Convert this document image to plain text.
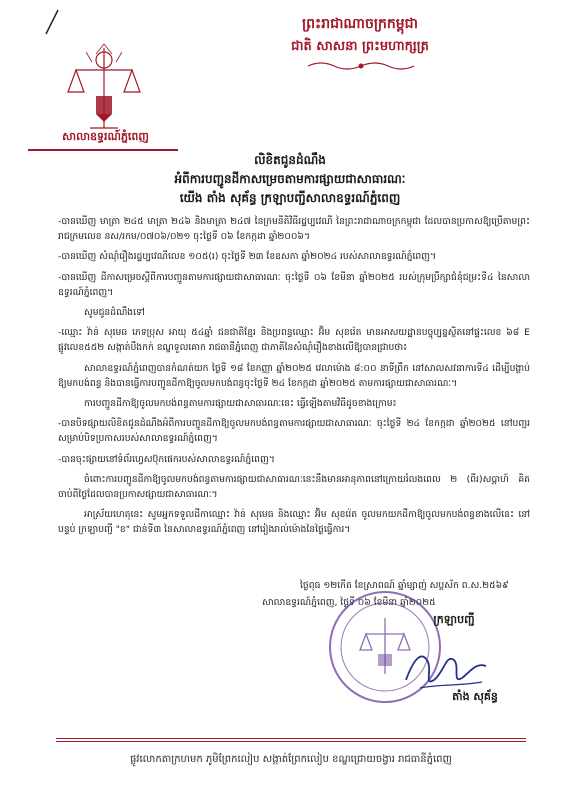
ព្រះរាជាណាចក្រកម្ពុជា
ជាតិ សាសនា ព្រះមហាក្សត្រ
សាលាឧទ្ធរណ៍ភ្នំពេញ
លិខិតជូនដំណឹង
អំពីការបញ្ជូនដីកាសម្រេចតាមការផ្សាយជាសាធារណៈ
យើង តាំង សុគ័ន្ធ ក្រឡាបញ្ជីសាលាឧទ្ធរណ៍ភ្នំពេញ

-បានឃើញ មាត្រា ២៤៥ មាត្រា ២៤៦ និងមាត្រា ២៤៧ នៃក្រមនីតិវិធីរដ្ឋប្បវេណី នៃព្រះរាជាណាចក្រកម្ពុជា ដែលបានប្រកាសឱ្យប្រើតាមព្រះរាជក្រមលេខ នស/រកម/០៧០៦/០២១ ចុះថ្ងៃទី ០៦ ខែកក្កដា ឆ្នាំ២០០៦។

-បានឃើញ សំណុំរឿងរដ្ឋប្បវេណីលេខ ១០៥(រ) ចុះថ្ងៃទី ២៣ ខែឧសភា ឆ្នាំ២០២៤ របស់សាលាឧទ្ធរណ៍ភ្នំពេញ។

-បានឃើញ ដីកាសម្រេចស្តីពីការបញ្ជូនតាមការផ្សាយជាសាធារណៈ ចុះថ្ងៃទី ០៦ ខែមីនា ឆ្នាំ២០២៥ របស់ក្រុមប្រឹក្សាជំនុំជម្រះទី៤ នៃសាលាឧទ្ធរណ៍ភ្នំពេញ។

សូមជូនដំណឹងទៅ

-ឈ្មោះ វ៉ាន់ សុមេធ ភេទប្រុស អាយុ ៥៤ឆ្នាំ ជនជាតិខ្មែរ និងប្រពន្ធឈ្មោះ អ៊ិម សុខរ៉េត មានអាសយដ្ឋានបច្ចុប្បន្នស្ថិតនៅផ្ទះលេខ ៦៨ E ផ្លូវលេខ៥៥២ សង្កាត់បឹងកក់ ខណ្ឌទួលគោក រាជធានីភ្នំពេញ ជាភាគីនៃសំណុំរឿងខាងលើឱ្យបានជ្រាបថា៖

សាលាឧទ្ធរណ៍ភ្នំពេញបានកំណត់យក ថ្ងៃទី ១៨ ខែកញ្ញា ឆ្នាំ២០២៥ វេលាម៉ោង ៨:០០ នាទីព្រឹក នៅសាលសវនាការទី៤ ដើម្បីបង្គាប់ឱ្យមកបង់ពន្ធ និងបានធ្វើការបញ្ជូនដីកាឱ្យចូលមកបង់ពន្ធចុះថ្ងៃទី ២៤ ខែកក្កដា ឆ្នាំ២០២៥ តាមការផ្សាយជាសាធារណៈ។

ការបញ្ជូនដីកាឱ្យចូលមកបង់ពន្ធតាមការផ្សាយជាសាធារណៈនេះ ធ្វើឡើងតាមវិធីដូចខាងក្រោម៖

-បានបិទផ្សាយលិខិតជូនដំណឹងអំពីការបញ្ជូនដីកាឱ្យចូលមកបង់ពន្ធតាមការផ្សាយជាសាធារណៈ ចុះថ្ងៃទី ២៤ ខែកក្កដា ឆ្នាំ២០២៥ នៅបញ្ជរសម្រាប់បិទប្រកាសរបស់សាលាឧទ្ធរណ៍ភ្នំពេញ។

-បានចុះផ្សាយនៅទំព័រហ្វេសប៊ុកផេករបស់សាលាឧទ្ធរណ៍ភ្នំពេញ។

ចំពោះការបញ្ជូនដីកាឱ្យចូលមកបង់ពន្ធតាមការផ្សាយជាសាធារណៈនេះនឹងមានអានុភាពនៅក្រោយរំលងពេល ២ (ពីរ)សប្តាហ៍ គិតចាប់ពីថ្ងៃដែលបានប្រកាសផ្សាយជាសាធារណៈ។

អាស្រ័យហេតុនេះ សូមអ្នកទទួលដីកាឈ្មោះ វ៉ាន់ សុមេធ និងឈ្មោះ អ៊ិម សុខរ៉េត ចូលមកយកដីកាឱ្យចូលមកបង់ពន្ធខាងលើនេះ នៅបន្ទប់ ក្រឡាបញ្ជី "ខ" ជាន់ទី៣ នៃសាលាឧទ្ធរណ៍ភ្នំពេញ នៅរៀងរាល់ម៉ោងនៃថ្ងៃធ្វើការ។

ថ្ងៃពុធ ១២កើត ខែស្រាពណ៍ ឆ្នាំម្សាញ់ សប្តស័ក ព.ស.២៥៦៩
សាលាឧទ្ធរណ៍ភ្នំពេញ, ថ្ងៃទី ០៦ ខែមីនា ឆ្នាំ២០២៥
ក្រឡាបញ្ជី
តាំង សុគ័ន្ធ
ផ្លូវលោកតាក្រហមក ភូមិព្រែកលៀប សង្កាត់ព្រែកលៀប ខណ្ឌជ្រោយចង្វារ រាជធានីភ្នំពេញ
